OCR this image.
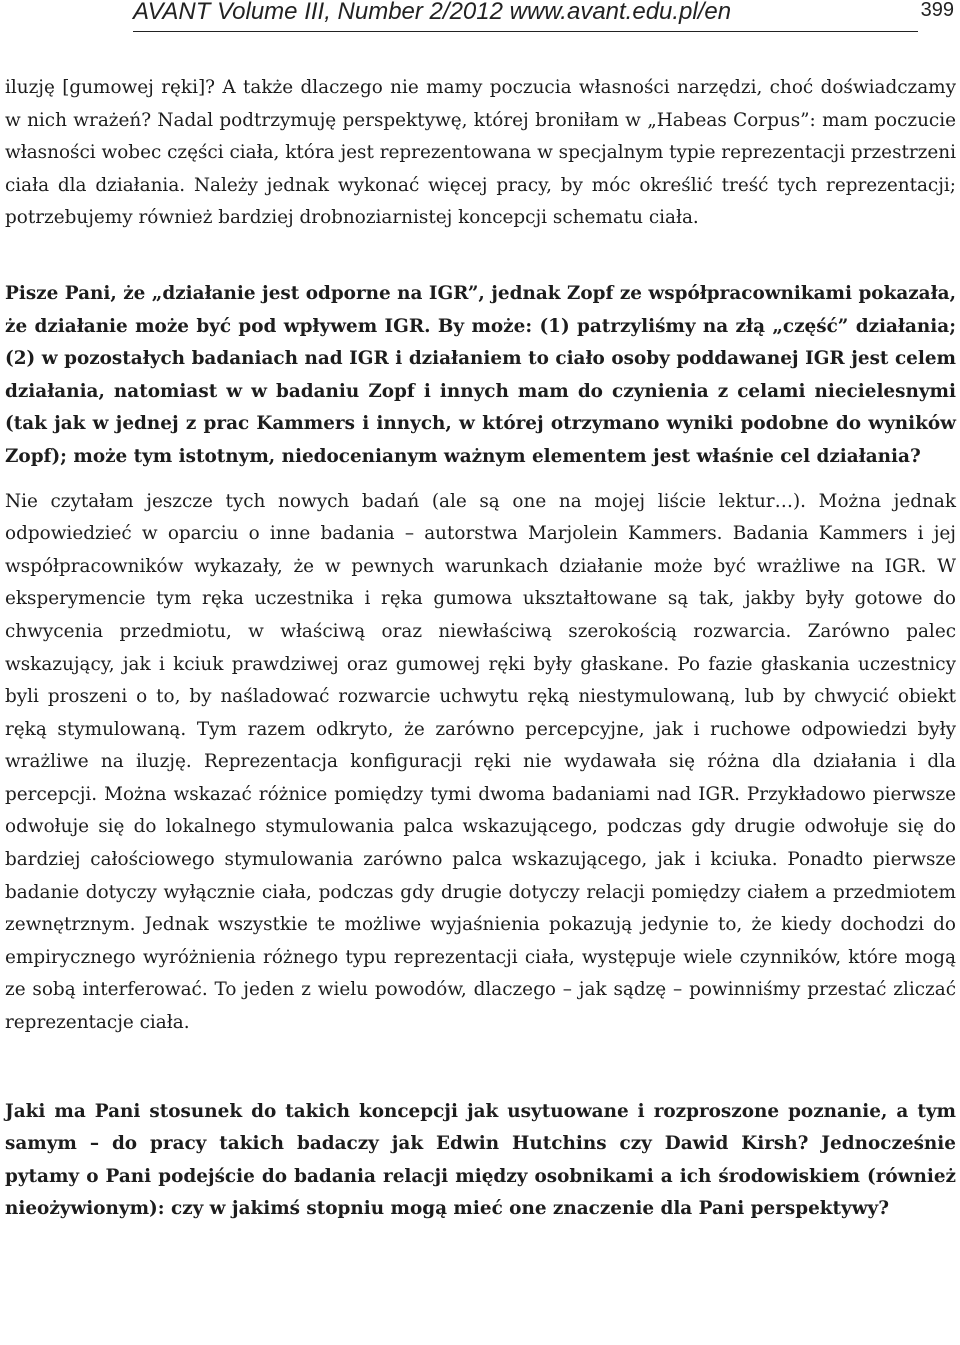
AVANT Volume III, Number 2/2012 www.avant.edu.pl/en	399

iluzję [gumowej ręki]? A także dlaczego nie mamy poczucia własności narzędzi, choć doświadczamy w nich wrażeń? Nadal podtrzymuję perspektywę, której broniłam w „Habeas Corpus”: mam poczucie własności wobec części ciała, która jest reprezentowana w specjalnym typie reprezentacji przestrzeni ciała dla działania. Należy jednak wykonać więcej pracy, by móc określić treść tych reprezentacji; potrzebujemy również bardziej drobnoziarnistej koncepcji schematu ciała.

Pisze Pani, że „działanie jest odporne na IGR”, jednak Zopf ze współpracownikami pokazała, że działanie może być pod wpływem IGR. By może: (1) patrzyliśmy na złą „część” działania; (2) w pozostałych badaniach nad IGR i działaniem to ciało osoby poddawanej IGR jest celem działania, natomiast w w badaniu Zopf i innych mam do czynienia z celami niecielesnymi (tak jak w jednej z prac Kammers i innych, w której otrzymano wyniki podobne do wyników Zopf); może tym istotnym, niedocenianym ważnym elementem jest właśnie cel działania?

Nie czytałam jeszcze tych nowych badań (ale są one na mojej liście lektur…). Można jednak odpowiedzieć w oparciu o inne badania – autorstwa Marjolein Kammers. Badania Kammers i jej współpracowników wykazały, że w pewnych warunkach działanie może być wrażliwe na IGR. W eksperymencie tym ręka uczestnika i ręka gumowa ukształtowane są tak, jakby były gotowe do chwycenia przedmiotu, w właściwą oraz niewłaściwą szerokością rozwarcia. Zarówno palec wskazujący, jak i kciuk prawdziwej oraz gumowej ręki były głaskane. Po fazie głaskania uczestnicy byli proszeni o to, by naśladować rozwarcie uchwytu ręką niestymulowaną, lub by chwycić obiekt ręką stymulowaną. Tym razem odkryto, że zarówno percepcyjne, jak i ruchowe odpowiedzi były wrażliwe na iluzję. Reprezentacja konfiguracji ręki nie wydawała się różna dla działania i dla percepcji. Można wskazać różnice pomiędzy tymi dwoma badaniami nad IGR. Przykładowo pierwsze odwołuje się do lokalnego stymulowania palca wskazującego, podczas gdy drugie odwołuje się do bardziej całościowego stymulowania zarówno palca wskazującego, jak i kciuka. Ponadto pierwsze badanie dotyczy wyłącznie ciała, podczas gdy drugie dotyczy relacji pomiędzy ciałem a przedmiotem zewnętrznym. Jednak wszystkie te możliwe wyjaśnienia pokazują jedynie to, że kiedy dochodzi do empirycznego wyróżnienia różnego typu reprezentacji ciała, występuje wiele czynników, które mogą ze sobą interferować. To jeden z wielu powodów, dlaczego – jak sądzę – powinniśmy przestać zliczać reprezentacje ciała.

Jaki ma Pani stosunek do takich koncepcji jak usytuowane i rozproszone poznanie, a tym samym – do pracy takich badaczy jak Edwin Hutchins czy Dawid Kirsh? Jednocześnie pytamy o Pani podejście do badania relacji między osobnikami a ich środowiskiem (również nieożywionym): czy w jakimś stopniu mogą mieć one znaczenie dla Pani perspektywy?
